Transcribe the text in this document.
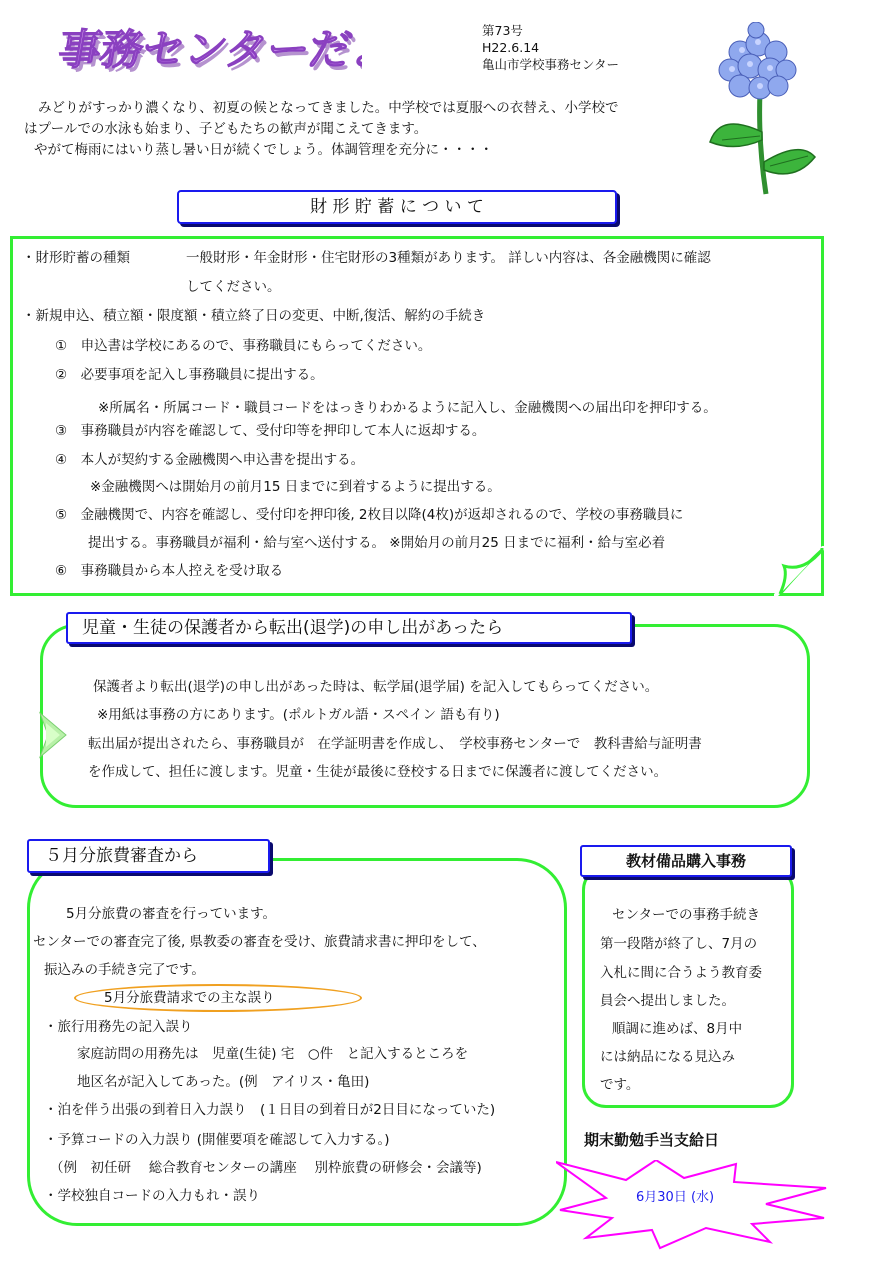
事務センターだより
事務センターだより	第73号
H22.6.14
亀山市学校事務センター
みどりがすっかり濃くなり、初夏の候となってきました。中学校では夏服への衣替え、小学校で
はプールでの水泳も始まり、子どもたちの歓声が聞こえてきます。
やがて梅雨にはいり蒸し暑い日が続くでしょう。体調管理を充分に・・・・
財 形 貯 蓄 に つ い て
・財形貯蓄の種類	一般財形・年金財形・住宅財形の3種類があります。 詳しい内容は、各金融機関に確認
してください。
・新規申込、積立額・限度額・積立終了日の変更、中断,復活、解約の手続き
①　申込書は学校にあるので、事務職員にもらってください。
②　必要事項を記入し事務職員に提出する。
※所属名・所属コード・職員コードをはっきりわかるように記入し、金融機関への届出印を押印する。
③　事務職員が内容を確認して、受付印等を押印して本人に返却する。
④　本人が契約する金融機関へ申込書を提出する。
※金融機関へは開始月の前月15 日までに到着するように提出する。
⑤　金融機関で、内容を確認し、受付印を押印後, 2枚目以降(4枚)が返却されるので、学校の事務職員に
提出する。事務職員が福利・給与室へ送付する。 ※開始月の前月25 日までに福利・給与室必着
⑥　事務職員から本人控えを受け取る
児童・生徒の保護者から転出(退学)の申し出があったら
保護者より転出(退学)の申し出があった時は、転学届(退学届) を記入してもらってください。
※用紙は事務の方にあります。(ポルトガル語・スペイン 語も有り)
転出届が提出されたら、事務職員が　在学証明書を作成し、　学校事務センターで　教科書給与証明書
を作成して、担任に渡します。児童・生徒が最後に登校する日までに保護者に渡してください。
５月分旅費審査から
5月分旅費の審査を行っています。
センターでの審査完了後, 県教委の審査を受け、旅費請求書に押印をして、
振込みの手続き完了です。
5月分旅費請求での主な誤り
・旅行用務先の記入誤り
家庭訪問の用務先は　児童(生徒) 宅　○件　と記入するところを
地区名が記入してあった。(例　アイリス・亀田)
・泊を伴う出張の到着日入力誤り　(１日目の到着日が2日目になっていた)
・予算コードの入力誤り (開催要項を確認して入力する。)
（例　初任研　 総合教育センターの講座　 別枠旅費の研修会・会議等)
・学校独自コードの入力もれ・誤り
教材備品購入事務
センターでの事務手続き
第一段階が終了し、7月の
入札に間に合うよう教育委
員会へ提出しました。
順調に進めば、8月中
には納品になる見込み
です。
期末勤勉手当支給日
6月30日 (水)
